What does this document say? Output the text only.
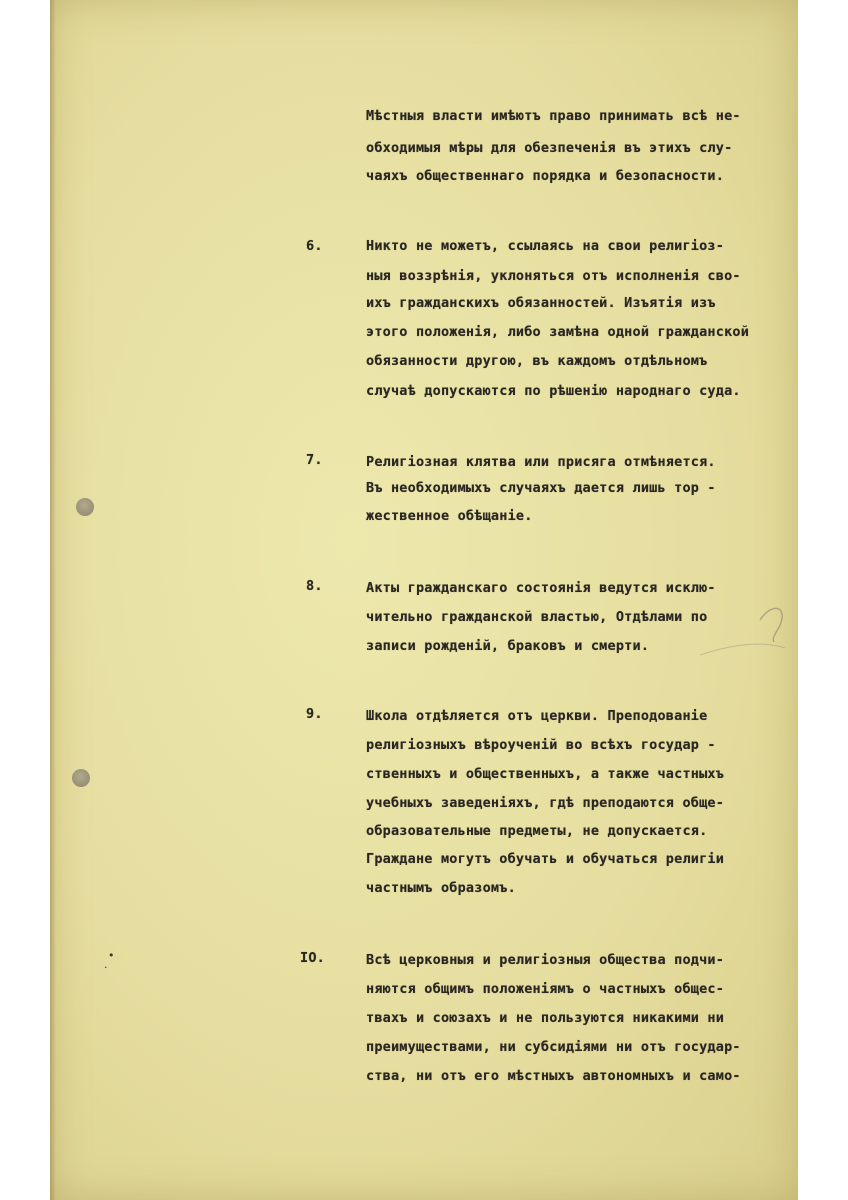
•
·
Мѣстныя власти имѣютъ право принимать всѣ не-
обходимыя мѣры для обезпеченія въ этихъ слу-
чаяхъ общественнаго порядка и безопасности.
6.	Никто не можетъ, ссылаясь на свои религіоз-
ныя воззрѣнія, уклоняться отъ исполненія сво-
ихъ гражданскихъ обязанностей. Изъятія изъ
этого положенія, либо замѣна одной гражданской
обязанности другою, въ каждомъ отдѣльномъ
случаѣ допускаются по рѣшенію народнаго суда.
7.	Религіозная клятва или присяга отмѣняется.
Въ необходимыхъ случаяхъ дается лишь тор -
жественное обѣщаніе.
8.	Акты гражданскаго состоянія ведутся исклю-
чительно гражданской властью, Отдѣлами по
записи рожденій, браковъ и смерти.
9.	Школа отдѣляется отъ церкви. Преподованіе
религіозныхъ вѣроученій во всѣхъ государ -
ственныхъ и общественныхъ, а также частныхъ
учебныхъ заведеніяхъ, гдѣ преподаются обще-
образовательные предметы, не допускается.
Граждане могутъ обучать и обучаться религіи
частнымъ образомъ.
IO.	Всѣ церковныя и религіозныя общества подчи-
няются общимъ положеніямъ о частныхъ общес-
твахъ и союзахъ и не пользуются никакими ни
преимуществами, ни субсидіями ни отъ государ-
ства, ни отъ его мѣстныхъ автономныхъ и само-
